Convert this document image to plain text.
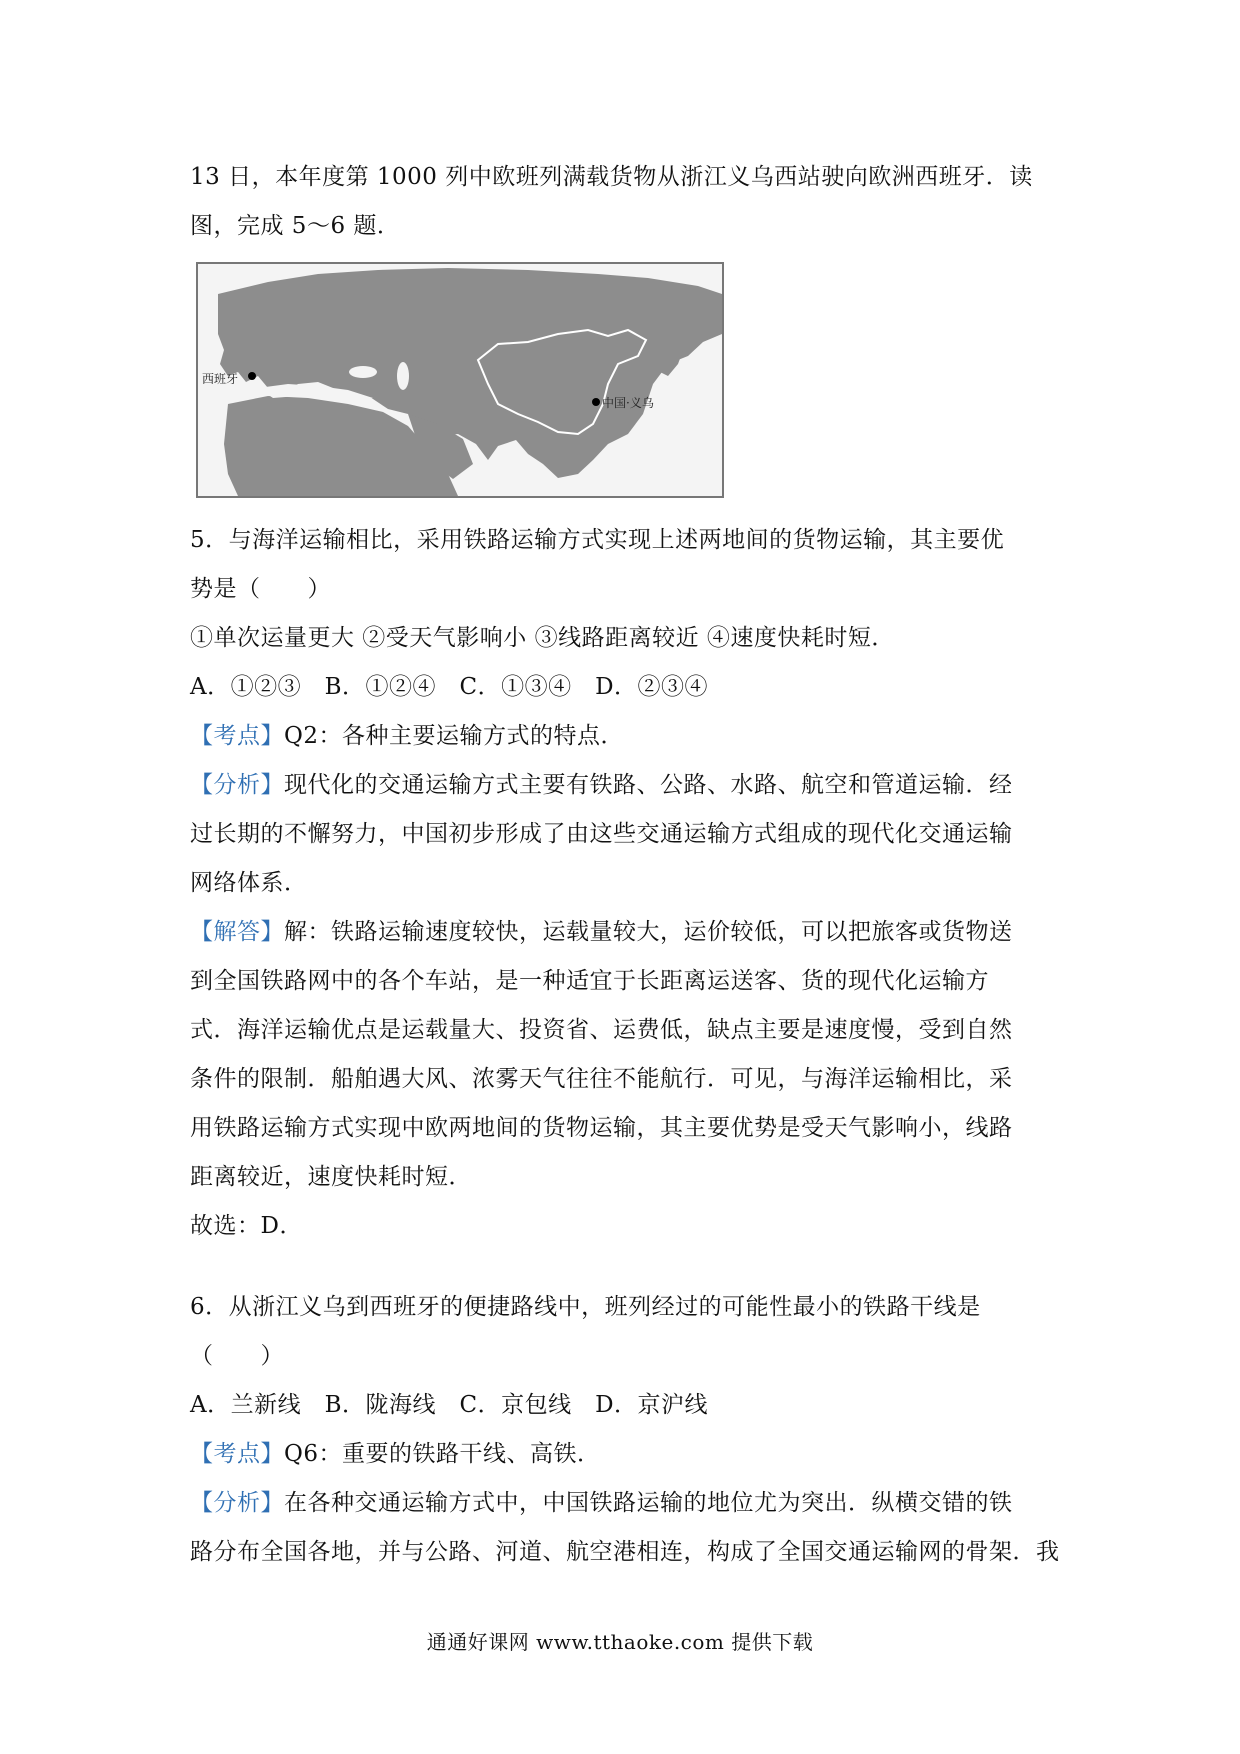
13 日，本年度第 1000 列中欧班列满载货物从浙江义乌西站驶向欧洲西班牙．读
图，完成 5～6 题．
西班牙
中国·义乌
5．与海洋运输相比，采用铁路运输方式实现上述两地间的货物运输，其主要优
势是（　　）
①单次运量更大 ②受天气影响小 ③线路距离较近 ④速度快耗时短．
A．①②③　B．①②④　C．①③④　D．②③④
【考点】Q2：各种主要运输方式的特点．
【分析】现代化的交通运输方式主要有铁路、公路、水路、航空和管道运输．经
过长期的不懈努力，中国初步形成了由这些交通运输方式组成的现代化交通运输
网络体系．
【解答】解：铁路运输速度较快，运载量较大，运价较低，可以把旅客或货物送
到全国铁路网中的各个车站，是一种适宜于长距离运送客、货的现代化运输方
式．海洋运输优点是运载量大、投资省、运费低，缺点主要是速度慢，受到自然
条件的限制．船舶遇大风、浓雾天气往往不能航行．可见，与海洋运输相比，采
用铁路运输方式实现中欧两地间的货物运输，其主要优势是受天气影响小，线路
距离较近，速度快耗时短．
故选：D．
6．从浙江义乌到西班牙的便捷路线中，班列经过的可能性最小的铁路干线是
（　　）
A．兰新线　B．陇海线　C．京包线　D．京沪线
【考点】Q6：重要的铁路干线、高铁．
【分析】在各种交通运输方式中，中国铁路运输的地位尤为突出．纵横交错的铁
路分布全国各地，并与公路、河道、航空港相连，构成了全国交通运输网的骨架．我
通通好课网 www.tthaoke.com 提供下载
